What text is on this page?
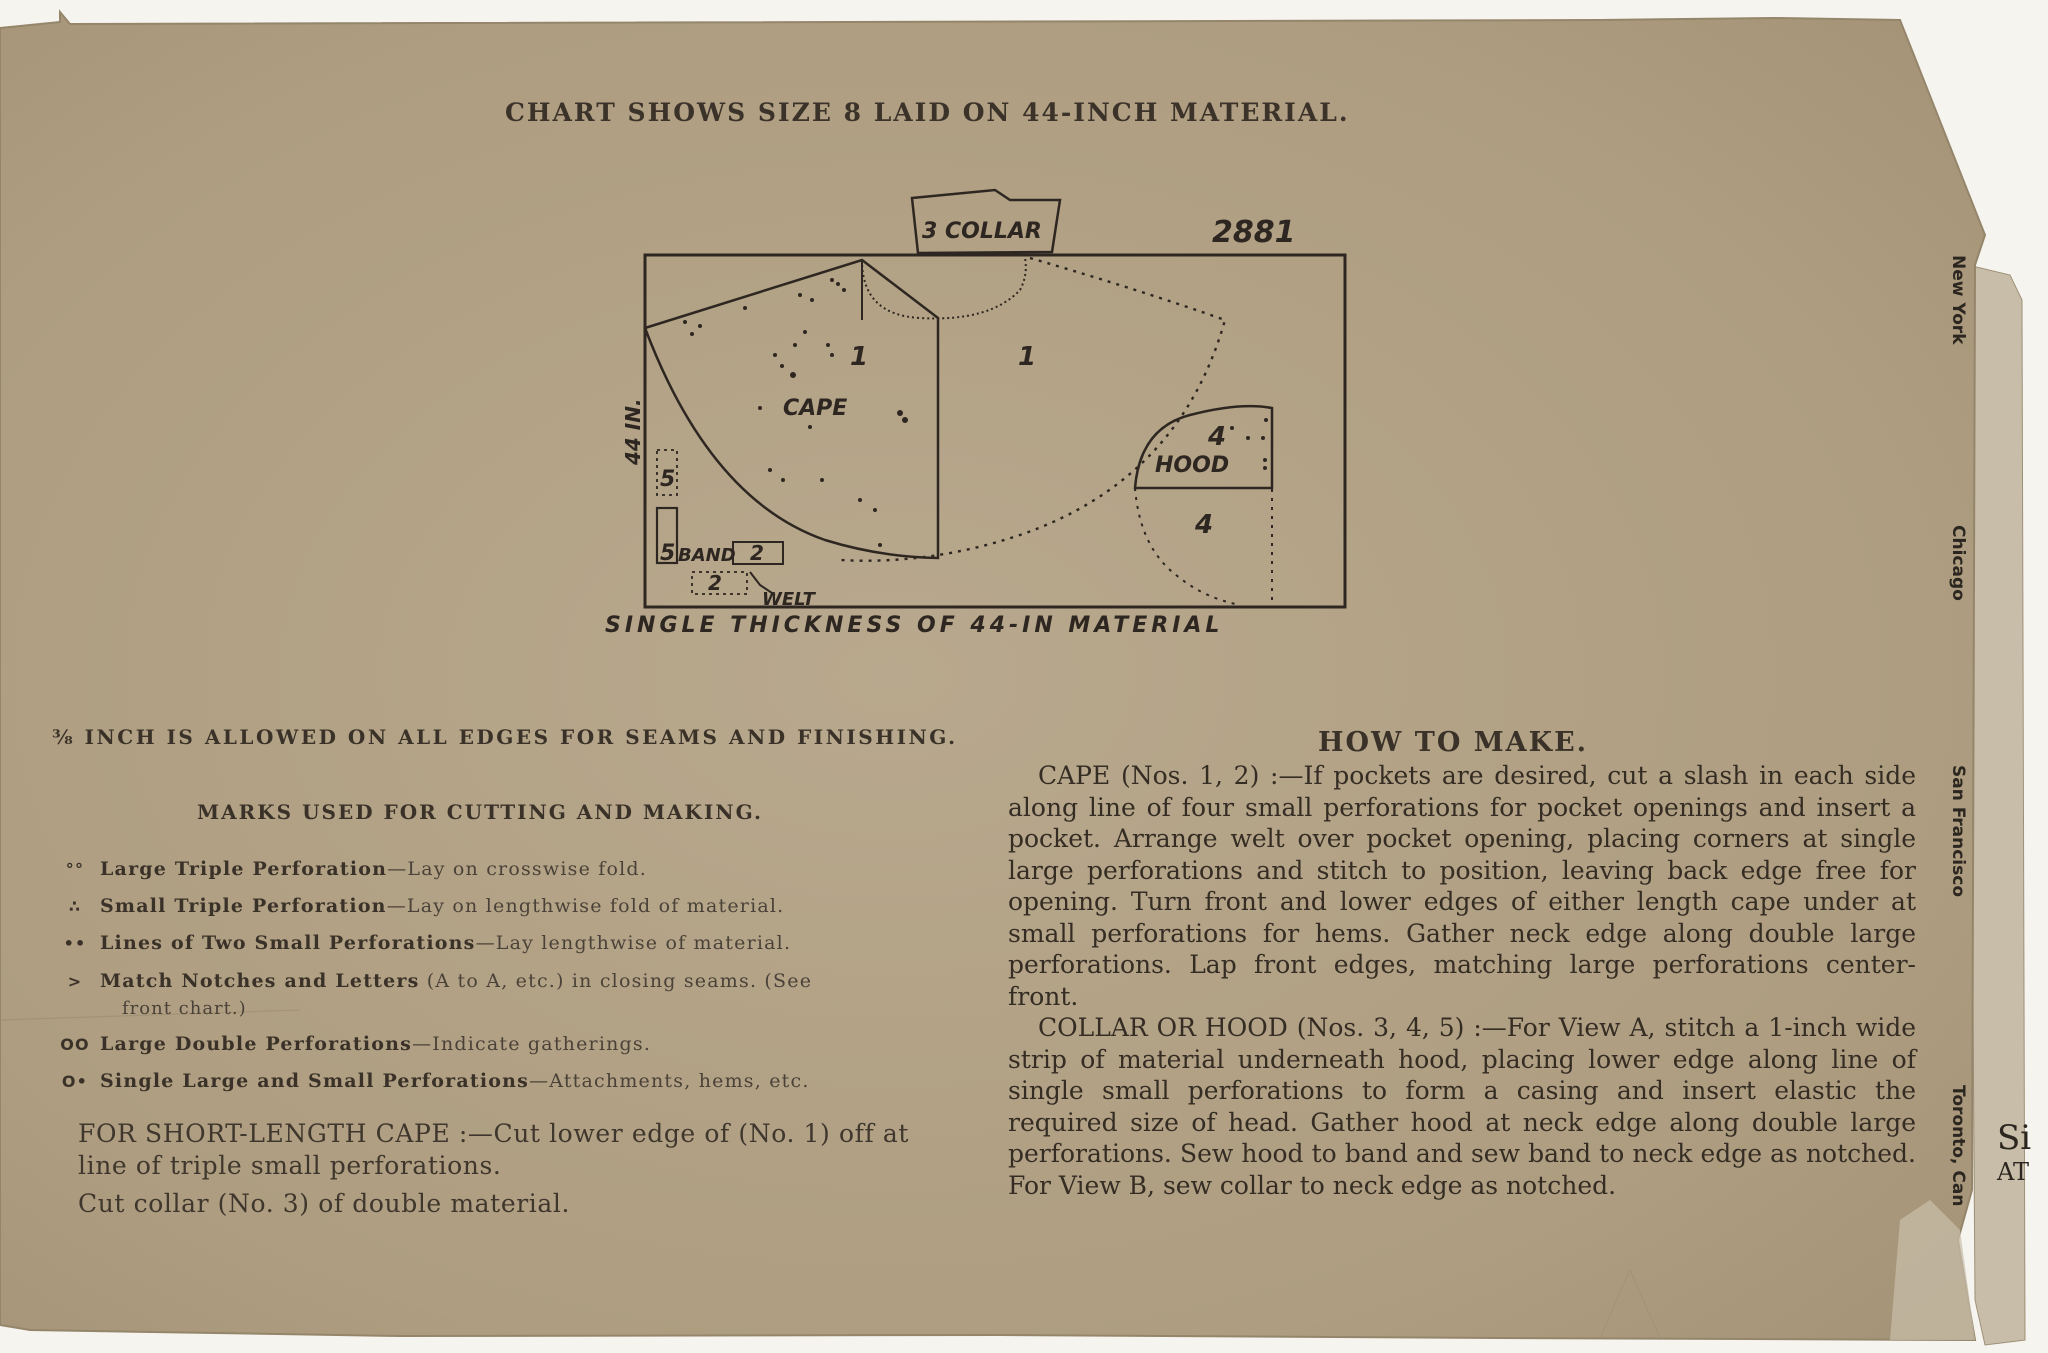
CHART SHOWS SIZE 8 LAID ON 44-INCH MATERIAL.
3 COLLAR	2881
1
CAPE
1
4
HOOD
4
5
5 BAND 2
2
WELT
44 IN.
SINGLE THICKNESS OF 44-IN MATERIAL
⅜ INCH IS ALLOWED ON ALL EDGES FOR SEAMS AND FINISHING.
MARKS USED FOR CUTTING AND MAKING.
°° Large Triple Perforation—Lay on crosswise fold.
∴ Small Triple Perforation—Lay on lengthwise fold of material.
•• Lines of Two Small Perforations—Lay lengthwise of material.
> Match Notches and Letters (A to A, etc.) in closing seams. (See
front chart.)
OO Large Double Perforations—Indicate gatherings.
O• Single Large and Small Perforations—Attachments, hems, etc.
FOR SHORT-LENGTH CAPE :—Cut lower edge of (No. 1) off at line of triple small perforations.
Cut collar (No. 3) of double material.
HOW TO MAKE.

CAPE (Nos. 1, 2) :—If pockets are desired, cut a slash in each side along line of four small perforations for pocket openings and insert a pocket. Arrange welt over pocket opening, placing corners at single large perforations and stitch to position, leaving back edge free for opening. Turn front and lower edges of either length cape under at small perforations for hems. Gather neck edge along double large perforations. Lap front edges, matching large perforations center-front.

COLLAR OR HOOD (Nos. 3, 4, 5) :—For View A, stitch a 1-inch wide strip of material underneath hood, placing lower edge along line of single small perforations to form a casing and insert elastic the required size of head. Gather hood at neck edge along double large perforations. Sew hood to band and sew band to neck edge as notched. For View B, sew collar to neck edge as notched.

New York
Chicago
San Francisco
Toronto, Can Si
AT
